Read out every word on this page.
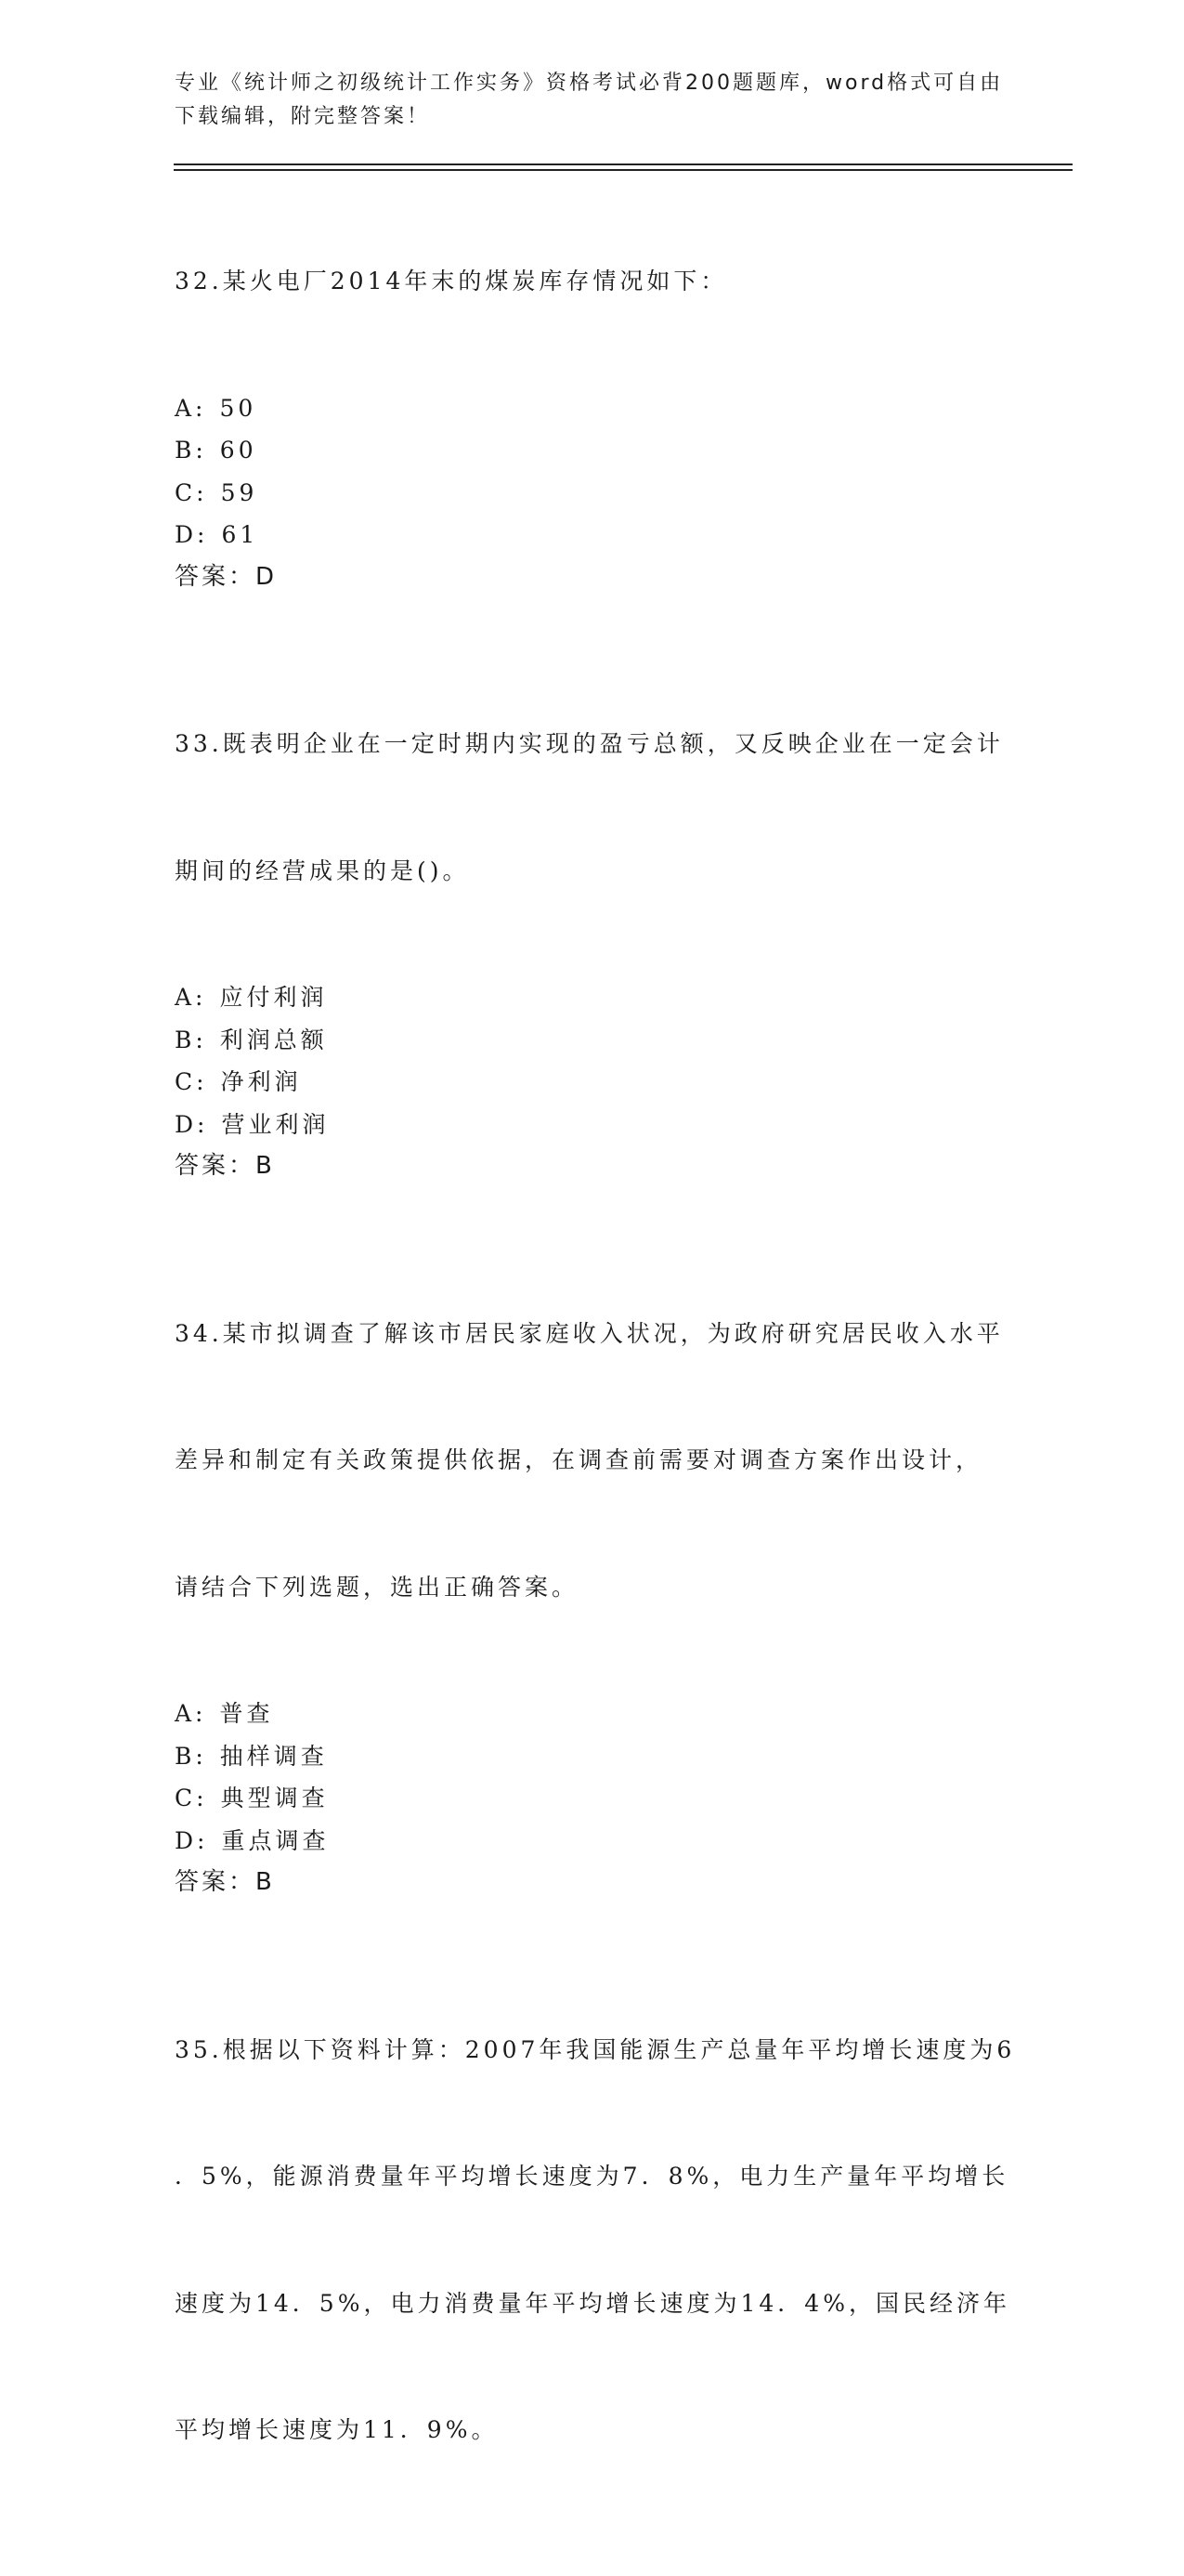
专业《统计师之初级统计工作实务》资格考试必背200题题库，word格式可自由
下载编辑，附完整答案！

32.某火电厂2014年末的煤炭库存情况如下：

A: 50
B: 60
C: 59
D: 61
答案：D

33.既表明企业在一定时期内实现的盈亏总额，又反映企业在一定会计

期间的经营成果的是()。

A: 应付利润
B: 利润总额
C: 净利润
D: 营业利润
答案：B

34.某市拟调查了解该市居民家庭收入状况，为政府研究居民收入水平

差异和制定有关政策提供依据，在调查前需要对调查方案作出设计，

请结合下列选题，选出正确答案。

A: 普查
B: 抽样调查
C: 典型调查
D: 重点调查
答案：B

35.根据以下资料计算：2007年我国能源生产总量年平均增长速度为6

．5%，能源消费量年平均增长速度为7．8%，电力生产量年平均增长

速度为14．5%，电力消费量年平均增长速度为14．4%，国民经济年

平均增长速度为11．9%。
